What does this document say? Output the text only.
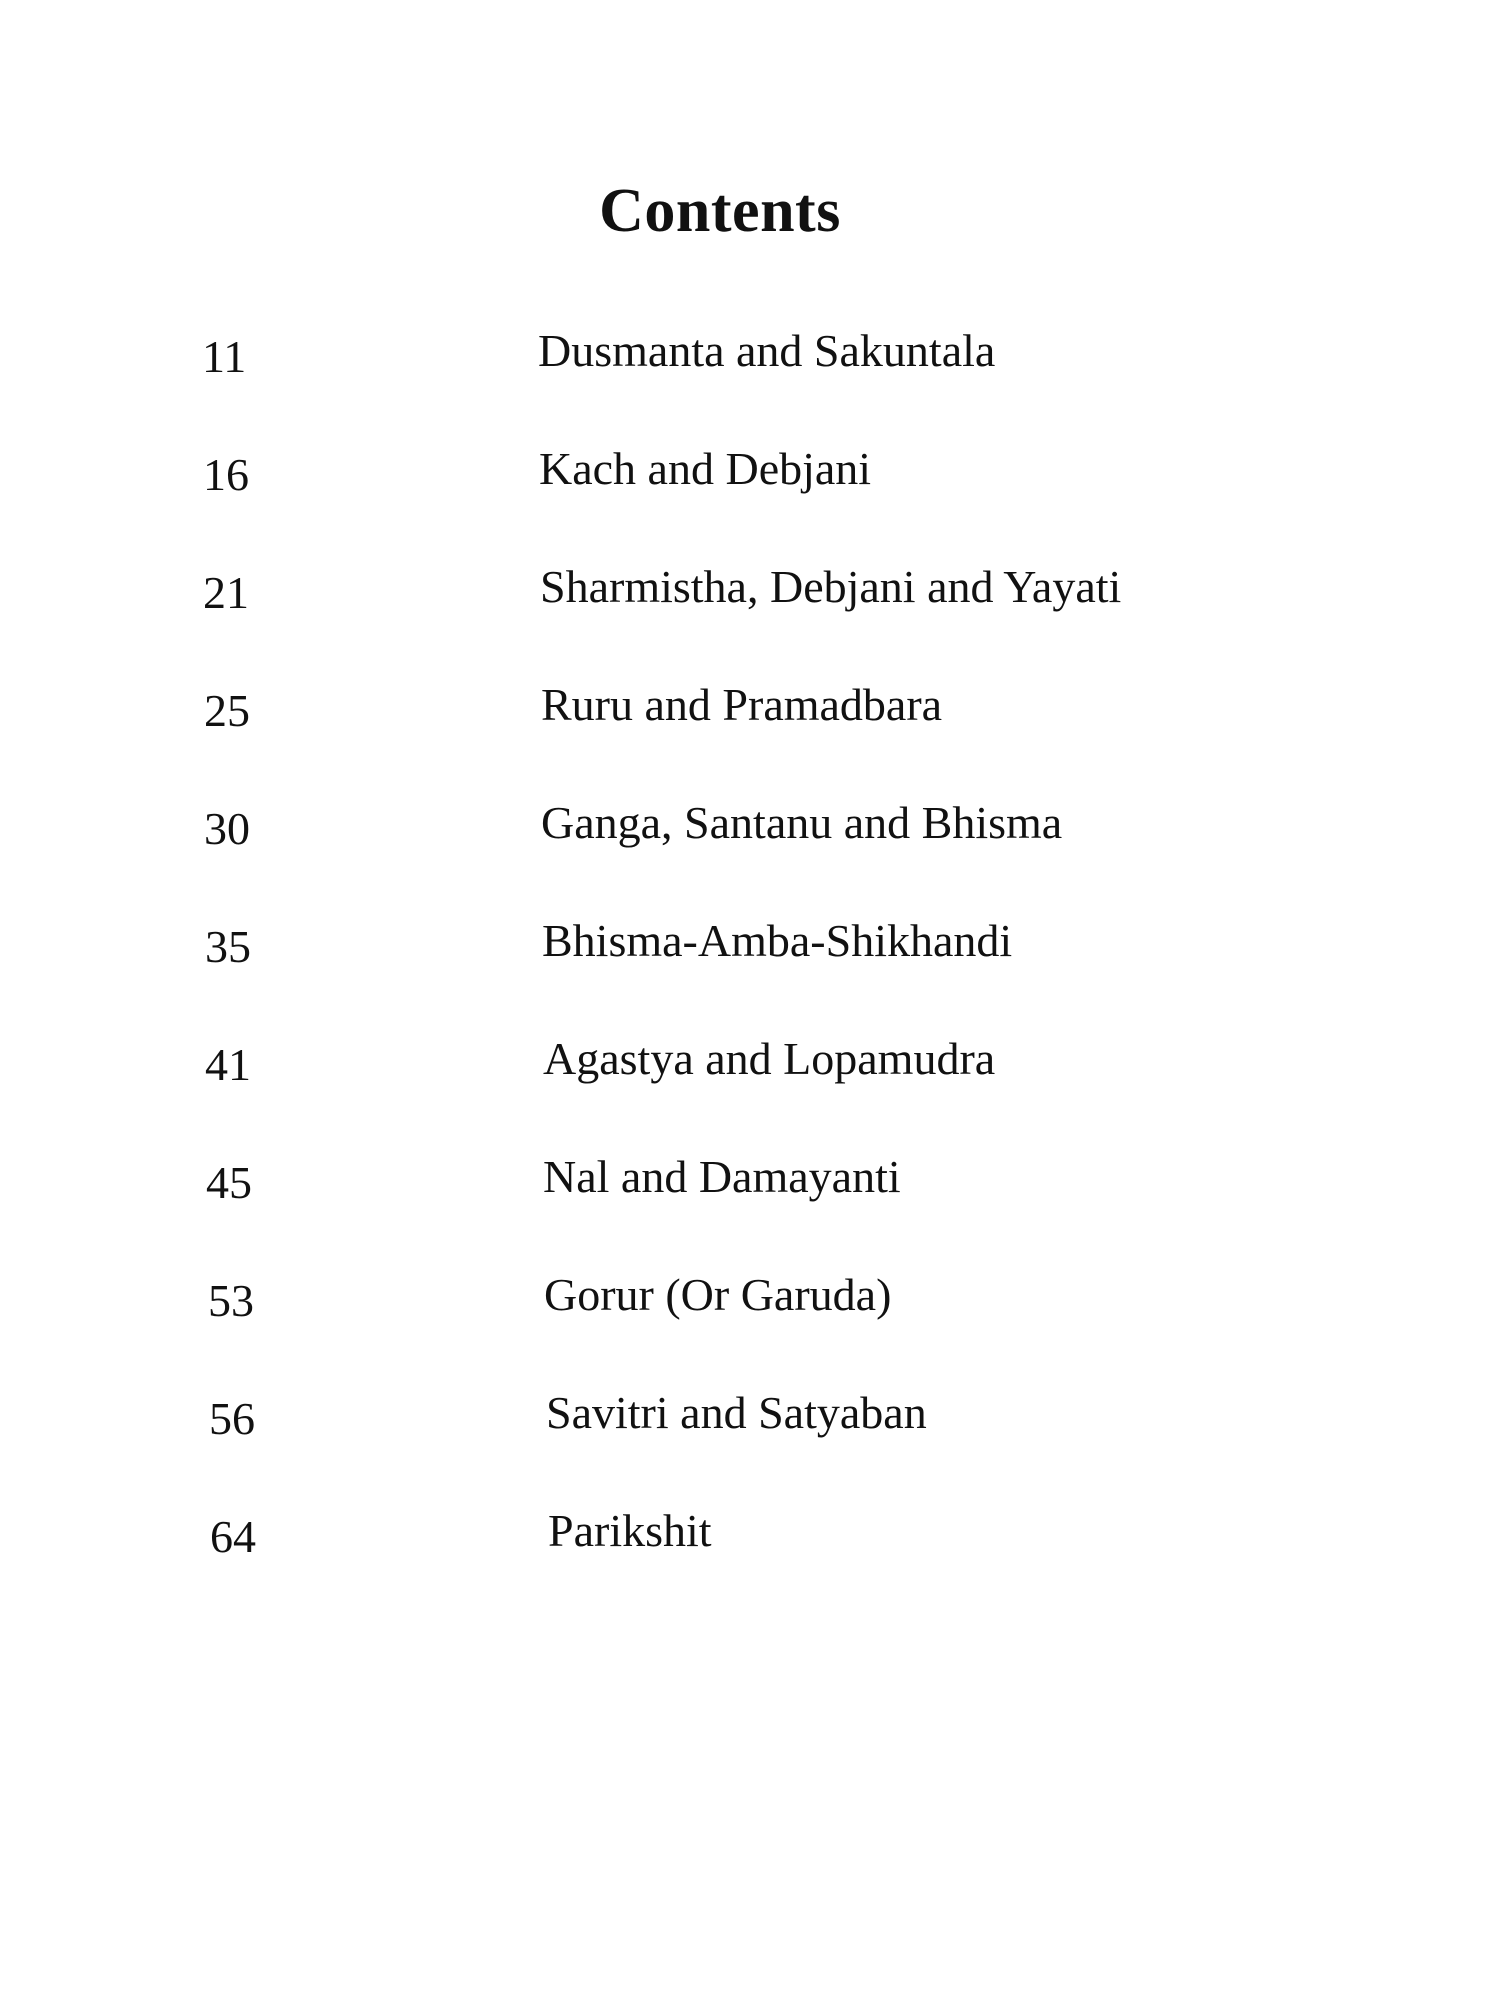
Contents
11	Dusmanta and Sakuntala
16	Kach and Debjani
21	Sharmistha, Debjani and Yayati
25	Ruru and Pramadbara
30	Ganga, Santanu and Bhisma
35	Bhisma-Amba-Shikhandi
41	Agastya and Lopamudra
45	Nal and Damayanti
53	Gorur (Or Garuda)
56	Savitri and Satyaban
64	Parikshit
